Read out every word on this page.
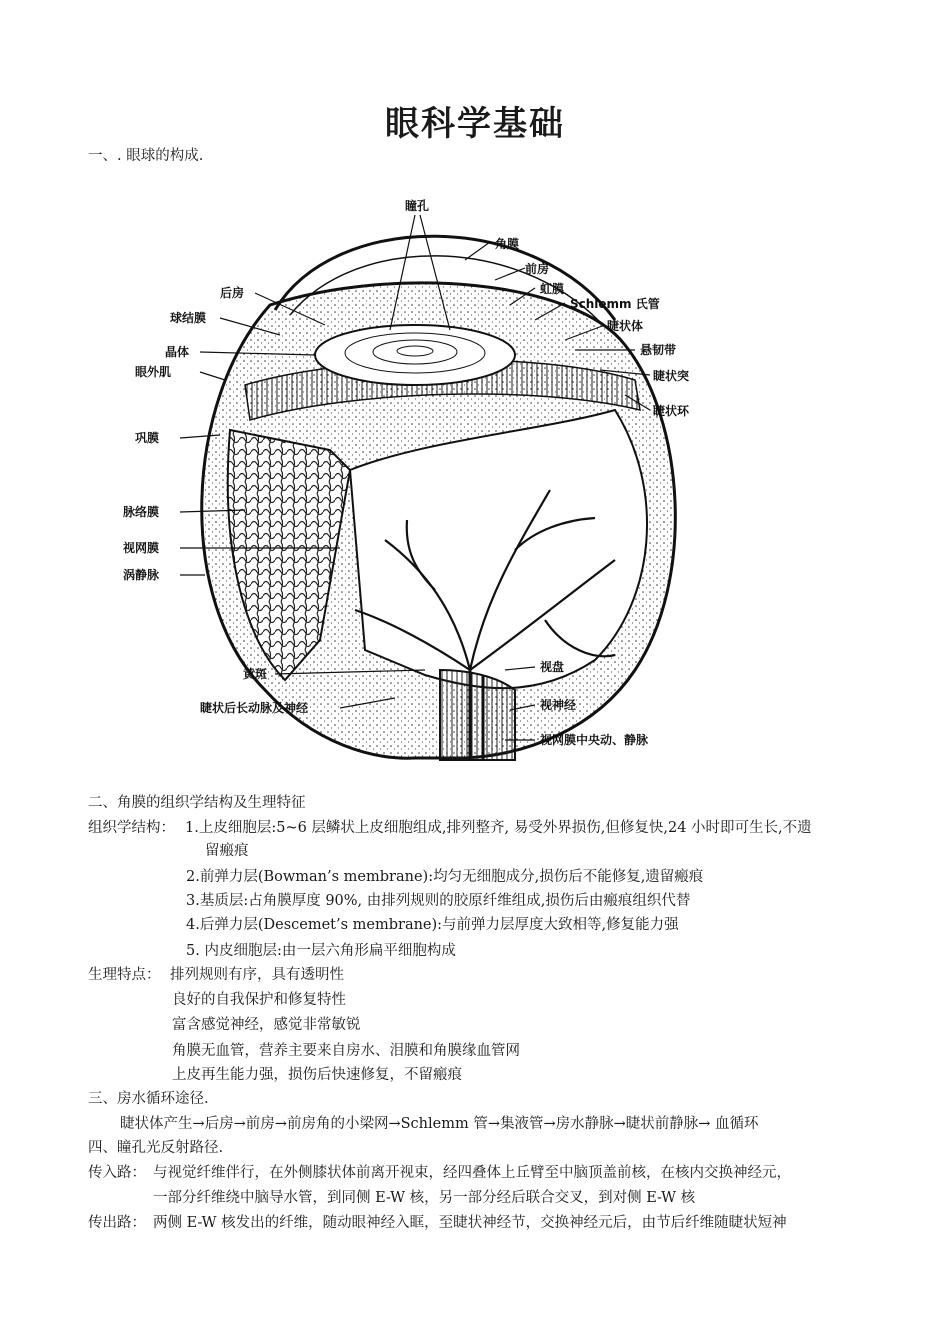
眼科学基础
一、. 眼球的构成.
瞳孔
角膜
前房
虹膜
Schlemm 氏管
睫状体
悬韧带
睫状突
睫状环
后房
球结膜
晶体
眼外肌
巩膜
脉络膜
视网膜
涡静脉
黄斑	视盘
睫状后长动脉及神经	视神经
视网膜中央动、静脉
二、角膜的组织学结构及生理特征
组织学结构： 1.上皮细胞层:5~6 层鳞状上皮细胞组成,排列整齐, 易受外界损伤,但修复快,24 小时即可生长,不遗
留瘢痕
2.前弹力层(Bowman’s membrane):均匀无细胞成分,损伤后不能修复,遗留瘢痕
3.基质层:占角膜厚度 90%, 由排列规则的胶原纤维组成,损伤后由瘢痕组织代替
4.后弹力层(Descemet’s membrane):与前弹力层厚度大致相等,修复能力强
5. 内皮细胞层:由一层六角形扁平细胞构成
生理特点： 排列规则有序，具有透明性
良好的自我保护和修复特性
富含感觉神经，感觉非常敏锐
角膜无血管，营养主要来自房水、泪膜和角膜缘血管网
上皮再生能力强，损伤后快速修复，不留瘢痕
三、房水循环途径.
睫状体产生→后房→前房→前房角的小梁网→Schlemm 管→集液管→房水静脉→睫状前静脉→ 血循环
四、瞳孔光反射路径.
传入路： 与视觉纤维伴行，在外侧膝状体前离开视束，经四叠体上丘臂至中脑顶盖前核，在核内交换神经元，
一部分纤维绕中脑导水管，到同侧 E-W 核，另一部分经后联合交叉，到对侧 E-W 核
传出路： 两侧 E-W 核发出的纤维，随动眼神经入眶，至睫状神经节，交换神经元后，由节后纤维随睫状短神
